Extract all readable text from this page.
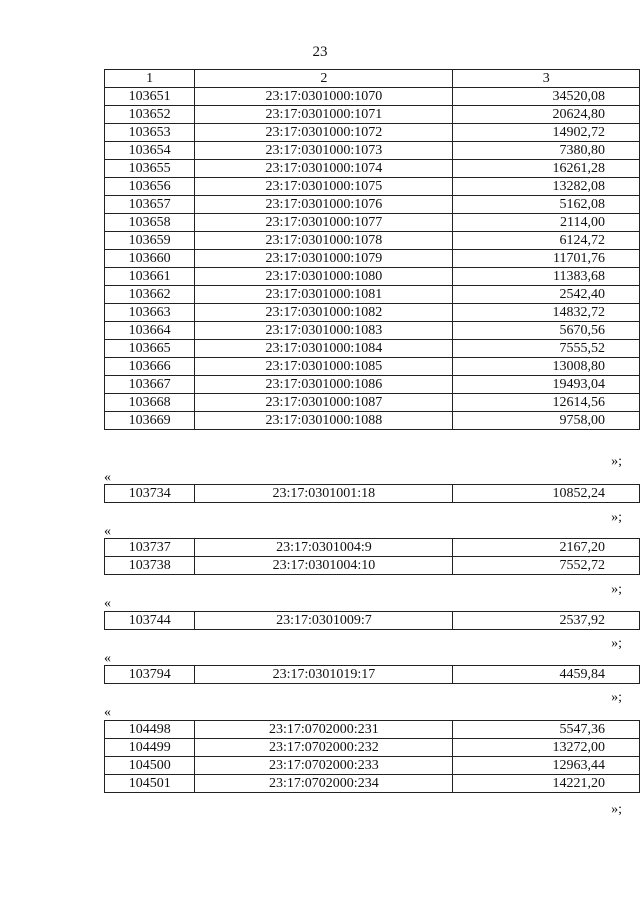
23
1	2	3
103651	23:17:0301000:1070	34520,08
103652	23:17:0301000:1071	20624,80
103653	23:17:0301000:1072	14902,72
103654	23:17:0301000:1073	7380,80
103655	23:17:0301000:1074	16261,28
103656	23:17:0301000:1075	13282,08
103657	23:17:0301000:1076	5162,08
103658	23:17:0301000:1077	2114,00
103659	23:17:0301000:1078	6124,72
103660	23:17:0301000:1079	11701,76
103661	23:17:0301000:1080	11383,68
103662	23:17:0301000:1081	2542,40
103663	23:17:0301000:1082	14832,72
103664	23:17:0301000:1083	5670,56
103665	23:17:0301000:1084	7555,52
103666	23:17:0301000:1085	13008,80
103667	23:17:0301000:1086	19493,04
103668	23:17:0301000:1087	12614,56
103669	23:17:0301000:1088	9758,00
»;
«
103734	23:17:0301001:18	10852,24
»;
«
103737	23:17:0301004:9	2167,20
103738	23:17:0301004:10	7552,72
»;
«
103744	23:17:0301009:7	2537,92
»;
«
103794	23:17:0301019:17	4459,84
»;
«
104498	23:17:0702000:231	5547,36
104499	23:17:0702000:232	13272,00
104500	23:17:0702000:233	12963,44
104501	23:17:0702000:234	14221,20
»;
